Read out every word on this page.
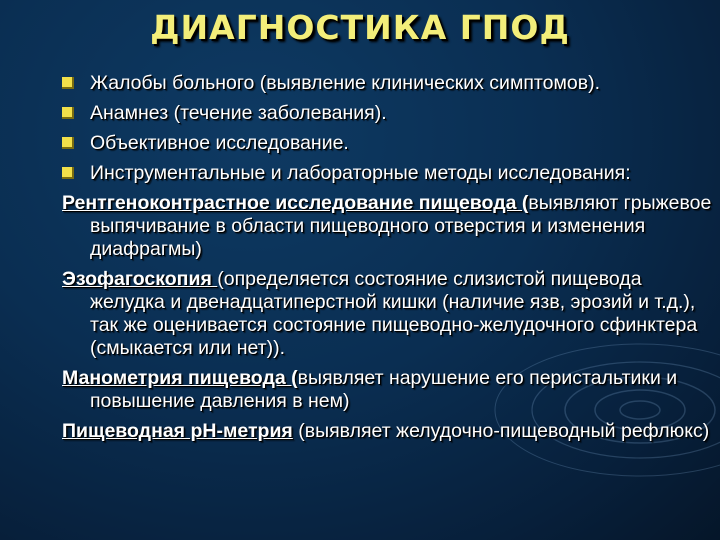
ДИАГНОСТИКА ГПОД
Жалобы больного (выявление клинических симптомов).
Анамнез (течение заболевания).
Объективное исследование.
Инструментальные и лабораторные методы исследования:
Рентгеноконтрастное исследование пищевода (выявляют грыжевое выпячивание в области пищеводного отверстия и изменения диафрагмы)
Эзофагоскопия (определяется состояние слизистой пищевода желудка и двенадцатиперстной кишки (наличие язв, эрозий и т.д.), так же оценивается состояние пищеводно-желудочного сфинктера (смыкается или нет)).
Манометрия пищевода (выявляет нарушение его перистальтики и повышение давления в нем)
Пищеводная рН-метрия (выявляет желудочно-пищеводный рефлюкс)
